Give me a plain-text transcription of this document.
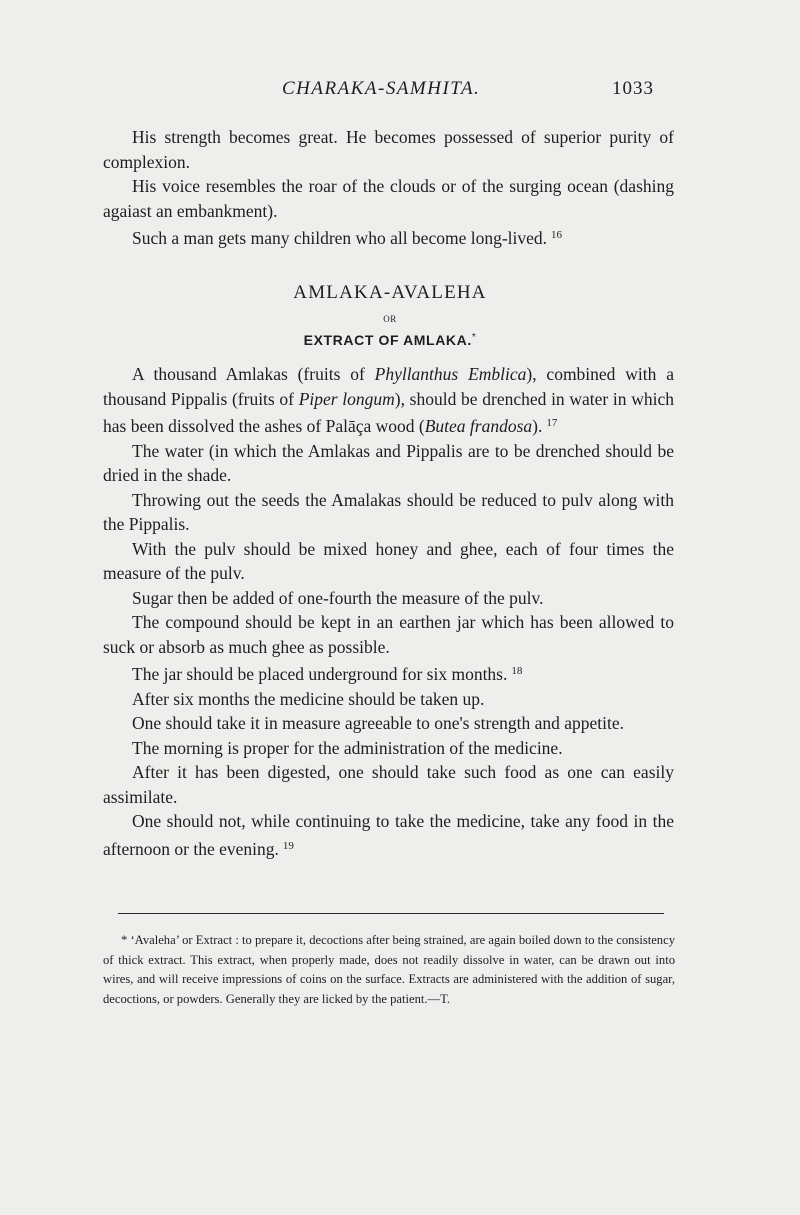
CHARAKA-SAMHITA.	1033

His strength becomes great. He becomes possessed of superior purity of complexion.

His voice resembles the roar of the clouds or of the surging ocean (dashing agaiast an embankment).

Such a man gets many children who all become long-lived. $^{16}$

AMLAKA-AVALEHA
OR
EXTRACT OF AMLAKA.*

A thousand Amlakas (fruits of Phyllanthus Emblica), combined with a thousand Pippalis (fruits of Piper longum), should be drenched in water in which has been dissolved the ashes of Palāça wood (Butea frandosa). $^{17}$

The water (in which the Amlakas and Pippalis are to be drenched should be dried in the shade.

Throwing out the seeds the Amalakas should be reduced to pulv along with the Pippalis.

With the pulv should be mixed honey and ghee, each of four times the measure of the pulv.

Sugar then be added of one-fourth the measure of the pulv.

The compound should be kept in an earthen jar which has been allowed to suck or absorb as much ghee as possible.

The jar should be placed underground for six months. $^{18}$

After six months the medicine should be taken up.

One should take it in measure agreeable to one's strength and appetite.

The morning is proper for the administration of the medicine.

After it has been digested, one should take such food as one can easily assimilate.

One should not, while continuing to take the medicine, take any food in the afternoon or the evening. $^{19}$

* ‘Avaleha’ or Extract : to prepare it, decoctions after being strained, are again boiled down to the consistency of thick extract. This extract, when properly made, does not readily dissolve in water, can be drawn out into wires, and will receive impressions of coins on the surface. Extracts are administered with the addition of sugar, decoctions, or powders. Generally they are licked by the patient.—T.
